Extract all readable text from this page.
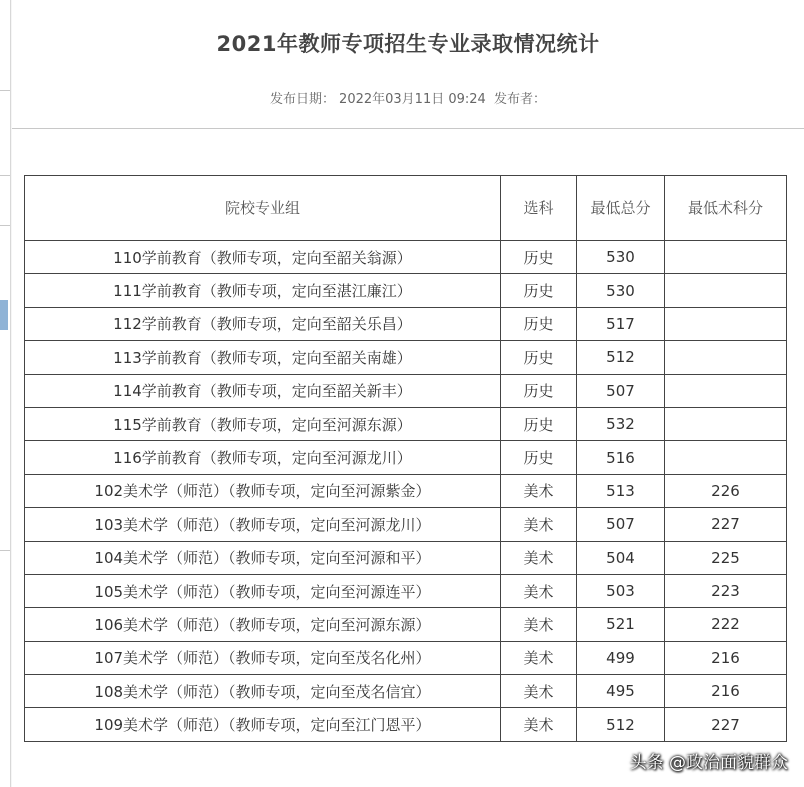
2021年教师专项招生专业录取情况统计
发布日期： 2022年03月11日 09:24 发布者：
院校专业组	选科	最低总分	最低术科分
110学前教育（教师专项，定向至韶关翁源）	历史	530	
111学前教育（教师专项，定向至湛江廉江）	历史	530	
112学前教育（教师专项，定向至韶关乐昌）	历史	517	
113学前教育（教师专项，定向至韶关南雄）	历史	512	
114学前教育（教师专项，定向至韶关新丰）	历史	507	
115学前教育（教师专项，定向至河源东源）	历史	532	
116学前教育（教师专项，定向至河源龙川）	历史	516	
102美术学（师范）（教师专项，定向至河源紫金）	美术	513	226
103美术学（师范）（教师专项，定向至河源龙川）	美术	507	227
104美术学（师范）（教师专项，定向至河源和平）	美术	504	225
105美术学（师范）（教师专项，定向至河源连平）	美术	503	223
106美术学（师范）（教师专项，定向至河源东源）	美术	521	222
107美术学（师范）（教师专项，定向至茂名化州）	美术	499	216
108美术学（师范）（教师专项，定向至茂名信宜）	美术	495	216
109美术学（师范）（教师专项，定向至江门恩平）	美术	512	227
头条 @政治面貌群众
